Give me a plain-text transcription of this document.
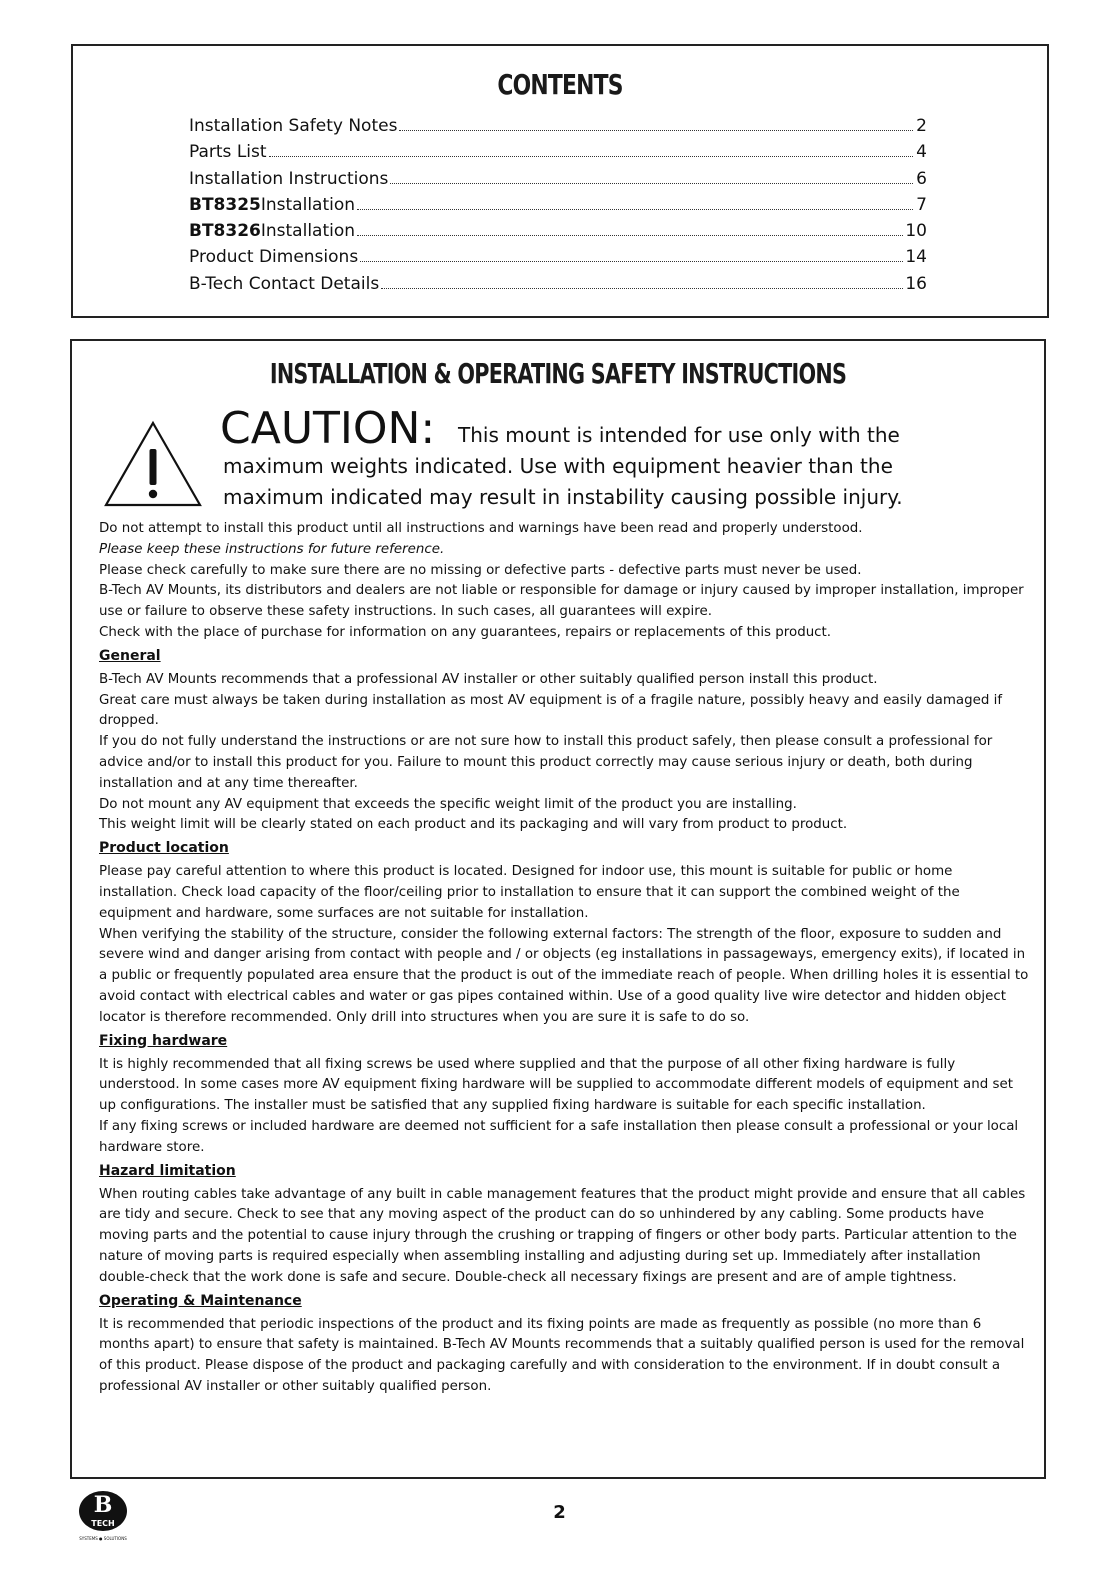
CONTENTS
Installation Safety Notes	2
Parts List	4
Installation Instructions	6
BT8325 Installation	7
BT8326 Installation	10
Product Dimensions	14
B-Tech Contact Details	16
INSTALLATION & OPERATING SAFETY INSTRUCTIONS
CAUTION: This mount is intended for use only with the
maximum weights indicated. Use with equipment heavier than the
maximum indicated may result in instability causing possible injury.

Do not attempt to install this product until all instructions and warnings have been read and properly understood.

Please keep these instructions for future reference.

Please check carefully to make sure there are no missing or defective parts - defective parts must never be used.

B-Tech AV Mounts, its distributors and dealers are not liable or responsible for damage or injury caused by improper installation, improper use or failure to observe these safety instructions. In such cases, all guarantees will expire.

Check with the place of purchase for information on any guarantees, repairs or replacements of this product.

General

B-Tech AV Mounts recommends that a professional AV installer or other suitably qualified person install this product.

Great care must always be taken during installation as most AV equipment is of a fragile nature, possibly heavy and easily damaged if dropped.

If you do not fully understand the instructions or are not sure how to install this product safely, then please consult a professional for advice and/or to install this product for you. Failure to mount this product correctly may cause serious injury or death, both during installation and at any time thereafter.

Do not mount any AV equipment that exceeds the specific weight limit of the product you are installing.

This weight limit will be clearly stated on each product and its packaging and will vary from product to product.

Product location

Please pay careful attention to where this product is located. Designed for indoor use, this mount is suitable for public or home installation. Check load capacity of the floor/ceiling prior to installation to ensure that it can support the combined weight of the equipment and hardware, some surfaces are not suitable for installation.

When verifying the stability of the structure, consider the following external factors: The strength of the floor, exposure to sudden and severe wind and danger arising from contact with people and / or objects (eg installations in passageways, emergency exits), if located in a public or frequently populated area ensure that the product is out of the immediate reach of people. When drilling holes it is essential to avoid contact with electrical cables and water or gas pipes contained within. Use of a good quality live wire detector and hidden object locator is therefore recommended. Only drill into structures when you are sure it is safe to do so.

Fixing hardware

It is highly recommended that all fixing screws be used where supplied and that the purpose of all other fixing hardware is fully understood. In some cases more AV equipment fixing hardware will be supplied to accommodate different models of equipment and set up configurations. The installer must be satisfied that any supplied fixing hardware is suitable for each specific installation.

If any fixing screws or included hardware are deemed not sufficient for a safe installation then please consult a professional or your local hardware store.

Hazard limitation

When routing cables take advantage of any built in cable management features that the product might provide and ensure that all cables are tidy and secure. Check to see that any moving aspect of the product can do so unhindered by any cabling. Some products have moving parts and the potential to cause injury through the crushing or trapping of fingers or other body parts. Particular attention to the nature of moving parts is required especially when assembling installing and adjusting during set up. Immediately after installation double-check that the work done is safe and secure. Double-check all necessary fixings are present and are of ample tightness.

Operating & Maintenance

It is recommended that periodic inspections of the product and its fixing points are made as frequently as possible (no more than 6 months apart) to ensure that safety is maintained. B-Tech AV Mounts recommends that a suitably qualified person is used for the removal of this product. Please dispose of the product and packaging carefully and with consideration to the environment. If in doubt consult a professional AV installer or other suitably qualified person.

B
TECH
SYSTEMS ● SOLUTIONS
2
